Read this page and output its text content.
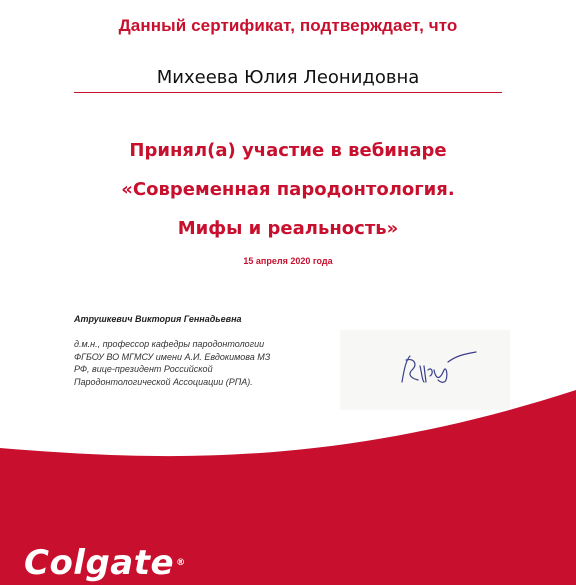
Данный сертификат, подтверждает, что
Михеева Юлия Леонидовна
Принял(а) участие в вебинаре
«Современная пародонтология.
Мифы и реальность»
15 апреля 2020 года
Атрушкевич Виктория Геннадьевна
д.м.н., профессор кафедры пародонтологии
ФГБОУ ВО МГМСУ имени А.И. Евдокимова МЗ
РФ, вице-президент Российской
Пародонтологической Ассоциации (РПА).
Colgate ®
